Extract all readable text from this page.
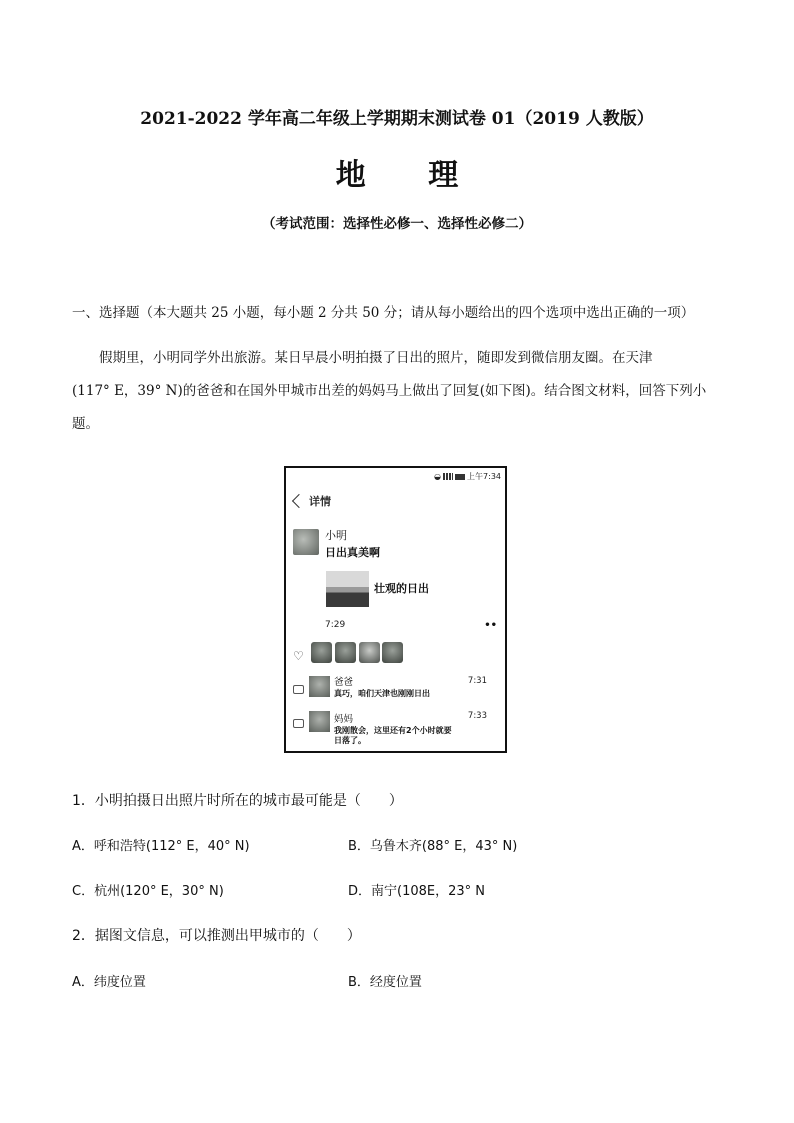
2021-2022 学年高二年级上学期期末测试卷 01（2019 人教版）
地 理
（考试范围：选择性必修一、选择性必修二）
一、选择题（本大题共 25 小题，每小题 2 分共 50 分；请从每小题给出的四个选项中选出正确的一项）

假期里，小明同学外出旅游。某日早晨小明拍摄了日出的照片，随即发到微信朋友圈。在天津

(117° E，39° N)的爸爸和在国外甲城市出差的妈妈马上做出了回复(如下图)。结合图文材料，回答下列小

题。

◒	上午7:34
详情
小明
日出真美啊
壮观的日出
7:29	••
♡
爸爸
真巧，咱们天津也刚刚日出
7:31
妈妈
我刚散会，这里还有2个小时就要日落了。
7:33
1．小明拍摄日出照片时所在的城市最可能是（　　）
A．呼和浩特(112° E，40° N)	B．乌鲁木齐(88° E，43° N)
C．杭州(120° E，30° N)	D．南宁(108E，23° N
2．据图文信息，可以推测出甲城市的（　　）
A．纬度位置	B．经度位置
